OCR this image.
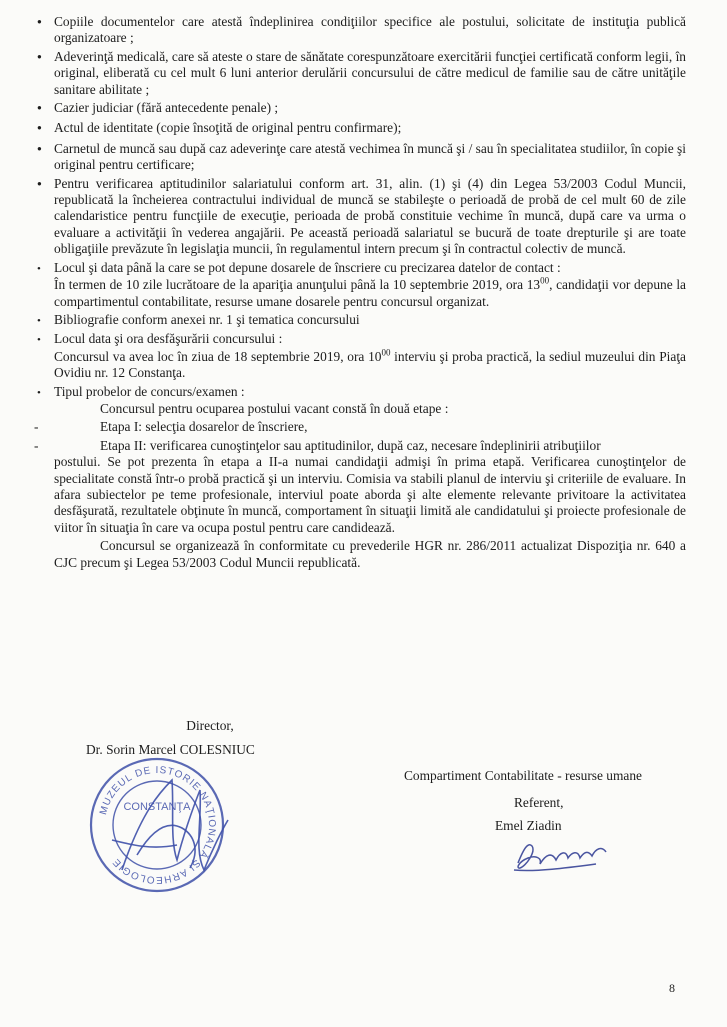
●
Copiile documentelor care atestă îndeplinirea condiţiilor specifice ale postului, solicitate de instituţia publică organizatoare ;
●
Adeverinţă medicală, care să ateste o stare de sănătate corespunzătoare exercitării funcţiei certificată conform legii, în original, eliberată cu cel mult 6 luni anterior derulării concursului de către medicul de familie sau de către unităţile sanitare abilitate ;
●
Cazier judiciar (fără antecedente penale) ;
●
Actul de identitate (copie însoţită de original pentru confirmare);
●
Carnetul de muncă sau după caz adeverinţe care atestă vechimea în muncă şi / sau în specialitatea studiilor, în copie şi original pentru certificare;
●
Pentru verificarea aptitudinilor salariatului conform art. 31, alin. (1) şi (4) din Legea 53/2003 Codul Muncii, republicată la încheierea contractului individual de muncă se stabileşte o perioadă de probă de cel mult 60 de zile calendaristice pentru funcţiile de execuţie, perioada de probă constituie vechime în muncă, după care va urma o evaluare a activităţii în vederea angajării. Pe această perioadă salariatul se bucură de toate drepturile şi are toate obligaţiile prevăzute în legislaţia muncii, în regulamentul intern precum şi în contractul colectiv de muncă.
•
Locul şi data până la care se pot depune dosarele de înscriere cu precizarea datelor de contact :
În termen de 10 zile lucrătoare de la apariţia anunţului până la 10 septembrie 2019, ora $13^{00}$, candidaţii vor depune la compartimentul contabilitate, resurse umane dosarele pentru concursul organizat.
•
Bibliografie conform anexei nr. 1 şi tematica concursului
•
Locul data şi ora desfăşurării concursului :
Concursul va avea loc în ziua de 18 septembrie 2019, ora $10^{00}$ interviu şi proba practică, la sediul muzeului din Piaţa Ovidiu nr. 12 Constanţa.
•
Tipul probelor de concurs/examen :
Concursul pentru ocuparea postului vacant constă în două etape :
-	Etapa I: selecţia dosarelor de înscriere,
-	Etapa II: verificarea cunoştinţelor sau aptitudinilor, după caz, necesare îndeplinirii atribuţiilor
postului. Se pot prezenta în etapa a II-a numai candidaţii admişi în prima etapă. Verificarea cunoştinţelor de specialitate constă într-o probă practică şi un interviu. Comisia va stabili planul de interviu şi criteriile de evaluare. In afara subiectelor pe teme profesionale, interviul poate aborda şi alte elemente relevante privitoare la activitatea desfăşurată, rezultatele obţinute în muncă, comportament în situaţii limită ale candidatului şi proiecte profesionale de viitor în situaţia în care va ocupa postul pentru care candidează.
Concursul se organizează în conformitate cu prevederile HGR nr. 286/2011 actualizat Dispoziţia nr. 640 a CJC precum şi Legea 53/2003 Codul Muncii republicată.
Director,
Dr. Sorin Marcel COLESNIUC
MUZEUL DE ISTORIE NAŢIONALĂ ŞI ARHEOLOGIE
CONSTANŢA
Compartiment Contabilitate - resurse umane
Referent,
Emel Ziadin
8
